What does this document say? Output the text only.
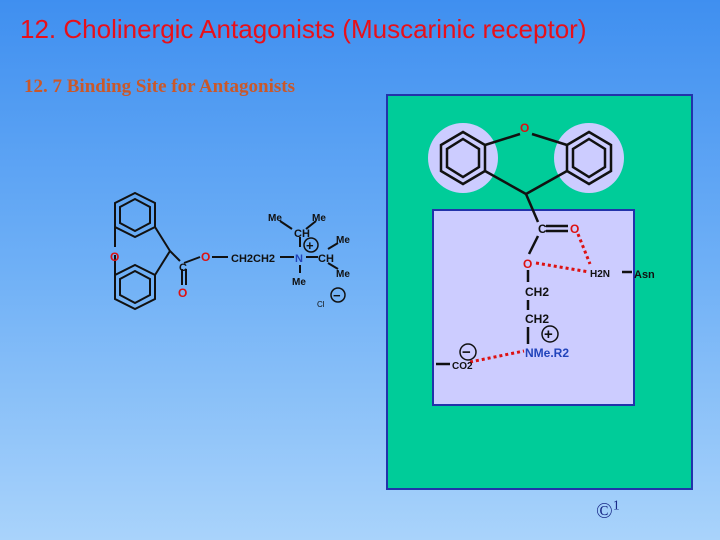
12. Cholinergic Antagonists (Muscarinic receptor)
12. 7 Binding Site for Antagonists
O
C
O
O CH2CH2 N
Me	Me
CH
Me
CH
Me
Me
+
−
Cl
O
C O
O
H2N Asn
CH2
CH2
NMe.R2
CO2
+
−
©$^1$
